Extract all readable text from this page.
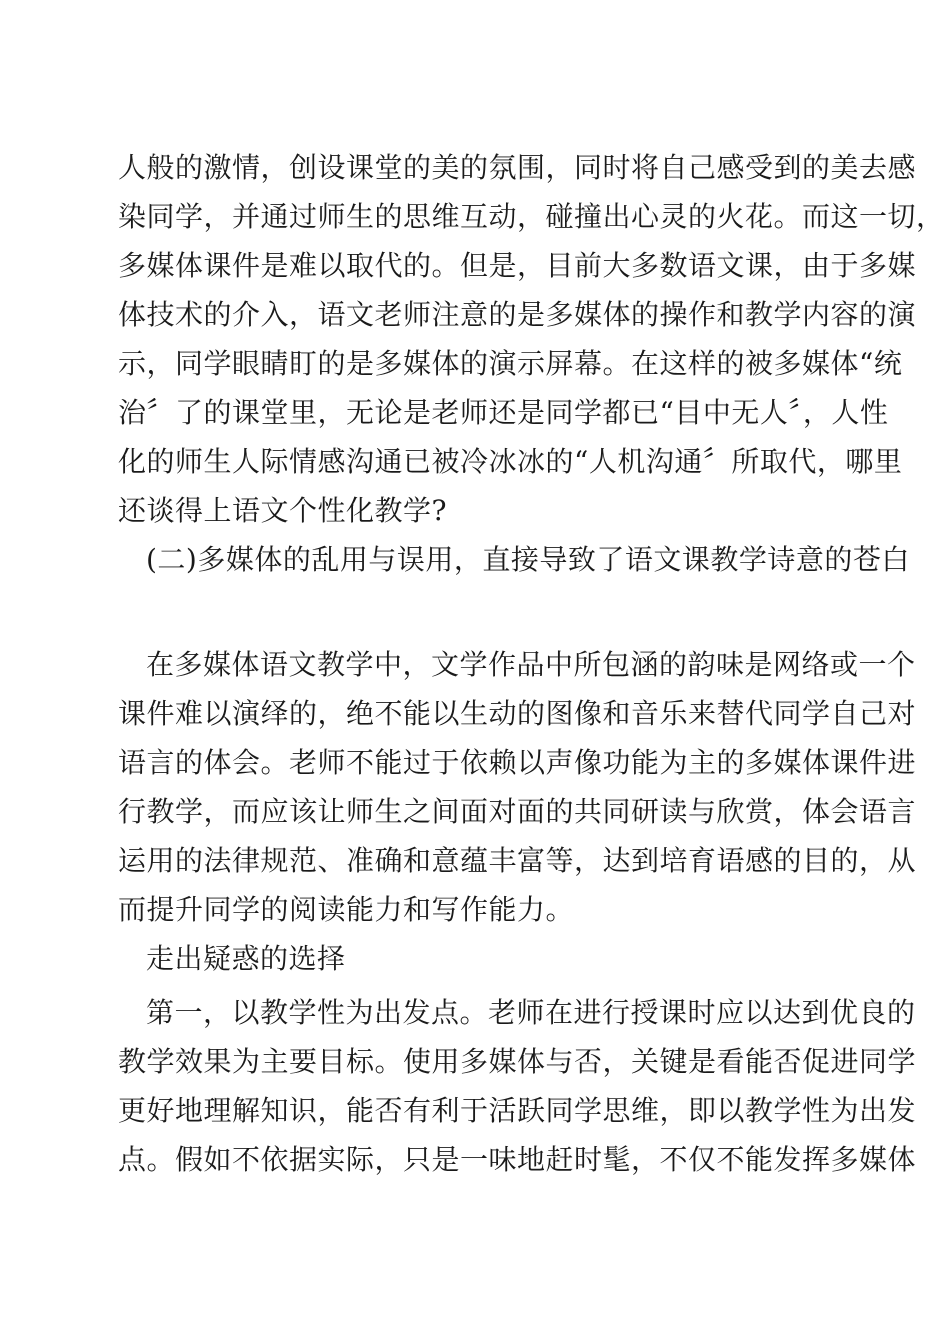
人般的激情，创设课堂的美的氛围，同时将自己感受到的美去感
染同学，并通过师生的思维互动，碰撞出心灵的火花。而这一切，
多媒体课件是难以取代的。但是，目前大多数语文课，由于多媒
体技术的介入，语文老师注意的是多媒体的操作和教学内容的演
示，同学眼睛盯的是多媒体的演示屏幕。在这样的被多媒体“统
治〞了的课堂里，无论是老师还是同学都已“目中无人〞，人性
化的师生人际情感沟通已被冷冰冰的“人机沟通〞所取代，哪里
还谈得上语文个性化教学?
(二)多媒体的乱用与误用，直接导致了语文课教学诗意的苍白
在多媒体语文教学中，文学作品中所包涵的韵味是网络或一个
课件难以演绎的，绝不能以生动的图像和音乐来替代同学自己对
语言的体会。老师不能过于依赖以声像功能为主的多媒体课件进
行教学，而应该让师生之间面对面的共同研读与欣赏，体会语言
运用的法律规范、准确和意蕴丰富等，达到培育语感的目的，从
而提升同学的阅读能力和写作能力。
走出疑惑的选择
第一，以教学性为出发点。老师在进行授课时应以达到优良的
教学效果为主要目标。使用多媒体与否，关键是看能否促进同学
更好地理解知识，能否有利于活跃同学思维，即以教学性为出发
点。假如不依据实际，只是一味地赶时髦，不仅不能发挥多媒体
